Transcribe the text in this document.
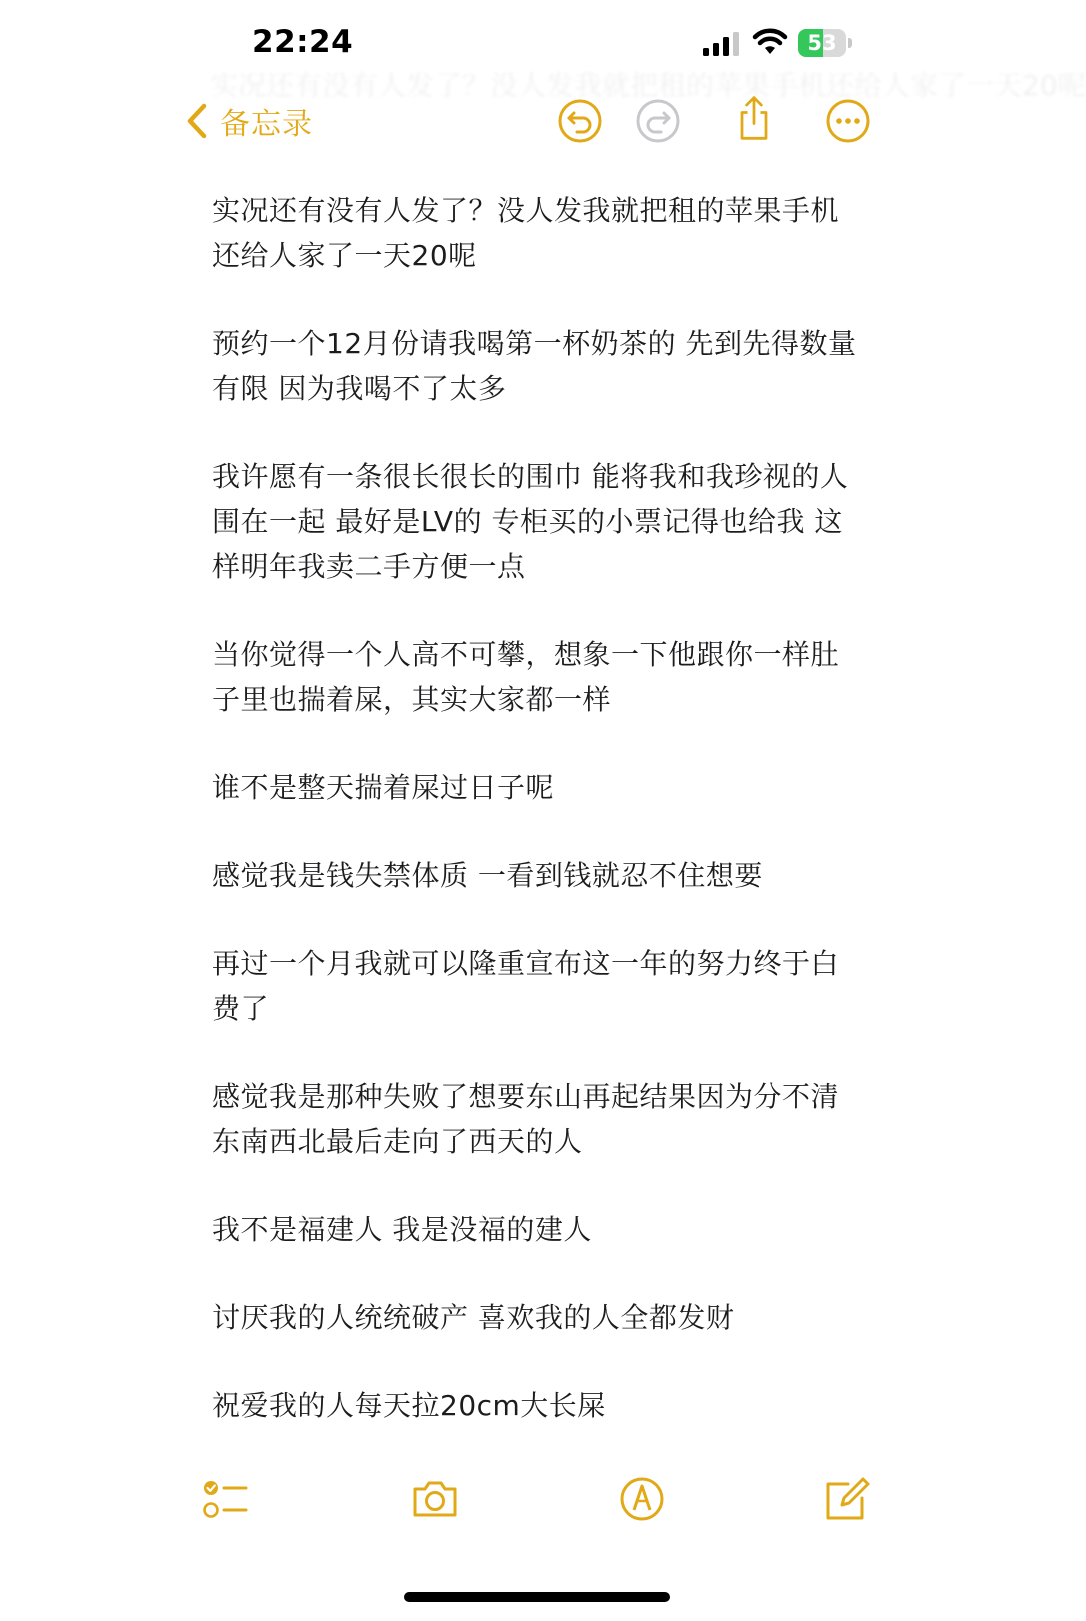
22:24	53
实况还有没有人发了？没人发我就把租的苹果手机还给人家了一天20呢
备忘录

实况还有没有人发了？没人发我就把租的苹果手机还给人家了一天20呢

预约一个12月份请我喝第一杯奶茶的 先到先得数量有限 因为我喝不了太多

我许愿有一条很长很长的围巾 能将我和我珍视的人围在一起 最好是LV的 专柜买的小票记得也给我 这样明年我卖二手方便一点

当你觉得一个人高不可攀，想象一下他跟你一样肚子里也揣着屎，其实大家都一样

谁不是整天揣着屎过日子呢

感觉我是钱失禁体质 一看到钱就忍不住想要

再过一个月我就可以隆重宣布这一年的努力终于白费了

感觉我是那种失败了想要东山再起结果因为分不清东南西北最后走向了西天的人

我不是福建人 我是没福的建人

讨厌我的人统统破产 喜欢我的人全都发财

祝爱我的人每天拉20cm大长屎
